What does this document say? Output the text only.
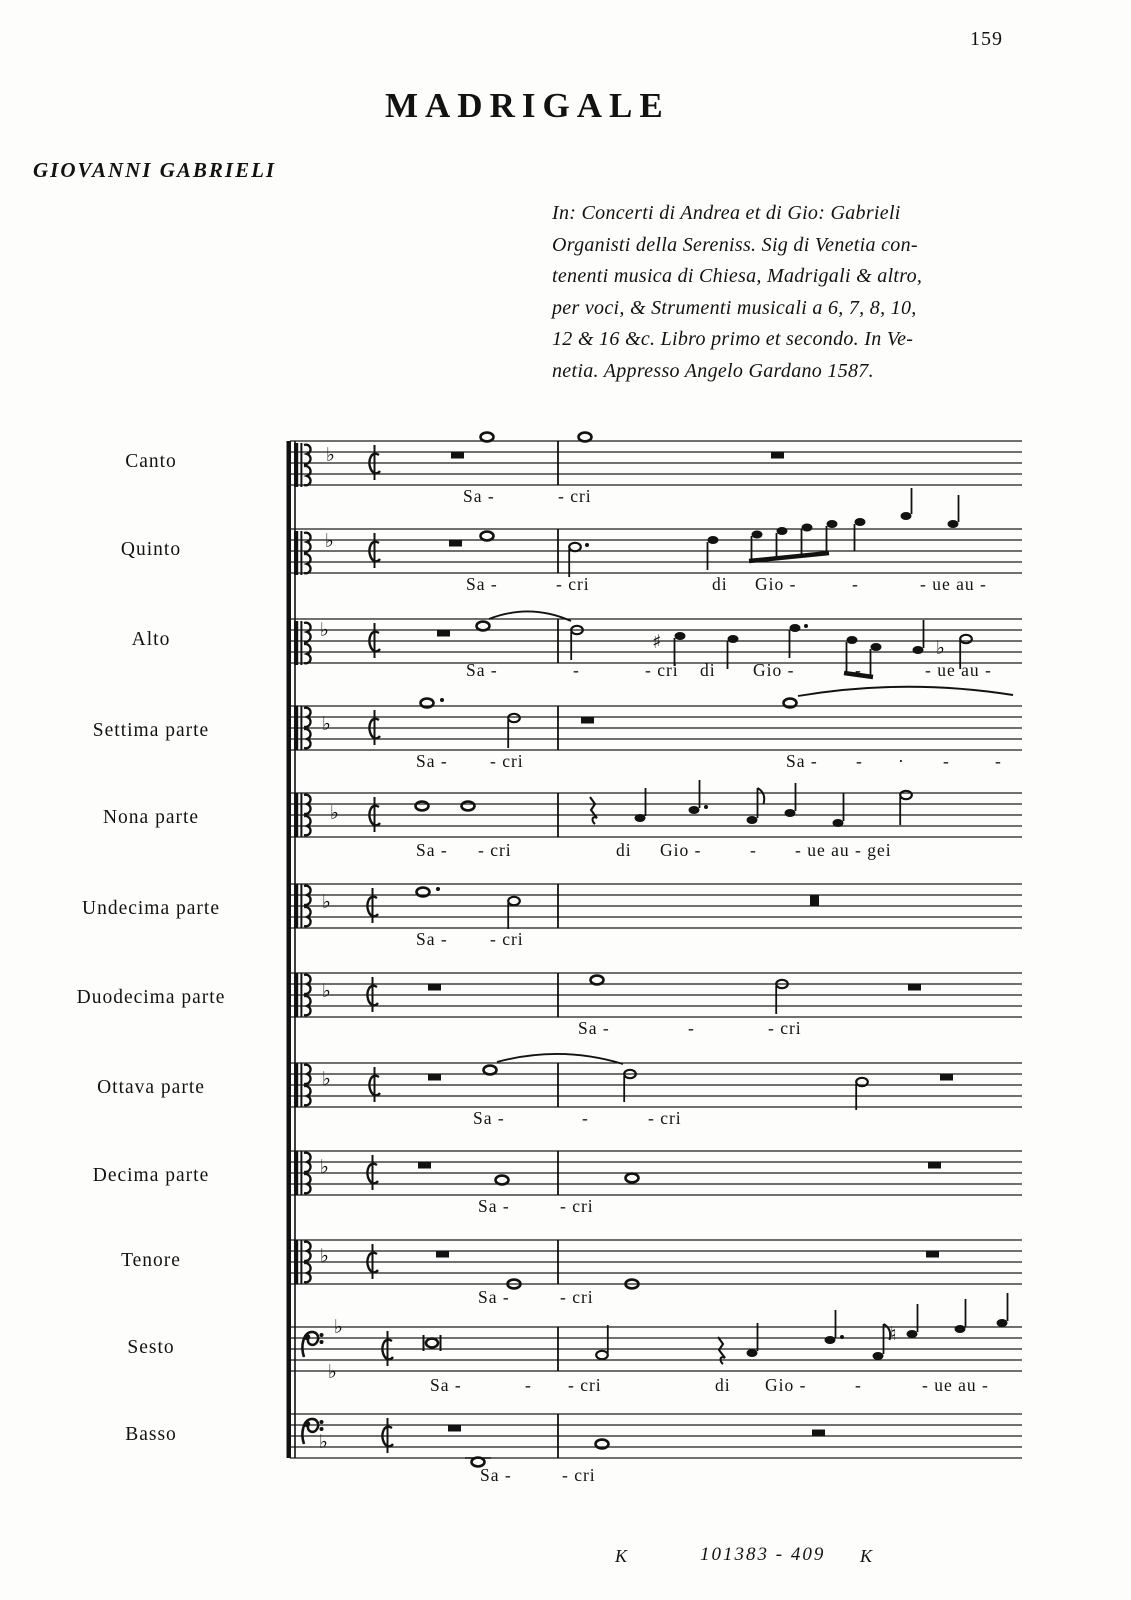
♭
♭
♭
♭
♭
♭
♭
♭
♭
♭
♭
♭
♭
♯	♭
♮
159
MADRIGALE
GIOVANNI GABRIELI
In: Concerti di Andrea et di Gio: Gabrieli
Organisti della Sereniss. Sig di Venetia con-
tenenti musica di Chiesa, Madrigali & altro,
per voci, & Strumenti musicali a 6, 7, 8, 10,
12 & 16 &c. Libro primo et secondo. In Ve-
netia. Appresso Angelo Gardano 1587.
Canto
Sa -	- cri
Quinto
Sa -	- cri	di Gio -	-	- ue au -
Alto
Sa -	-	- cri di Gio -	-	- ue au -
Settima parte
Sa - - cri	Sa - - · -	-
Nona parte
Sa - - cri	di Gio -	- - ue au - gei
Undecima parte
Sa - - cri
Duodecima parte
Sa -	-	- cri
Ottava parte
Sa -	-	- cri
Decima parte
Sa -	- cri
Tenore
Sa -	- cri
Sesto
Sa -	- - cri	di Gio -	-	- ue au -
Basso
Sa -	- cri
K	101383 - 409 K
